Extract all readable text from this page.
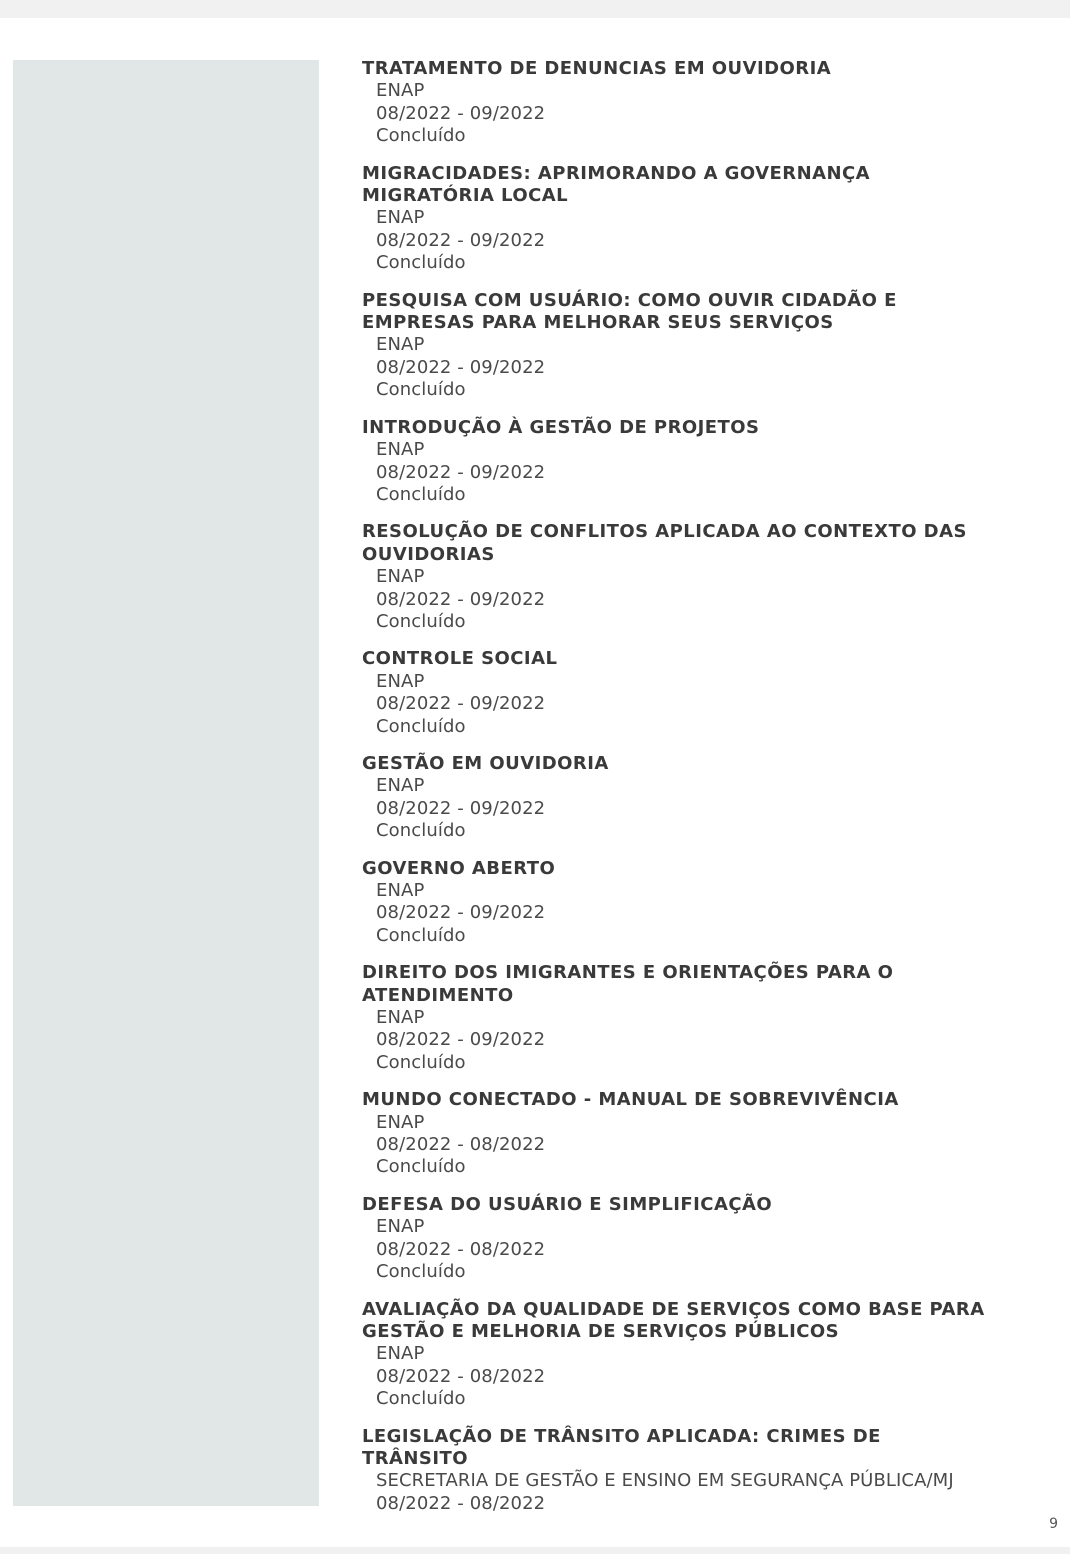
TRATAMENTO DE DENUNCIAS EM OUVIDORIA
ENAP
08/2022 - 09/2022
Concluído
MIGRACIDADES: APRIMORANDO A GOVERNANÇA
MIGRATÓRIA LOCAL
ENAP
08/2022 - 09/2022
Concluído
PESQUISA COM USUÁRIO: COMO OUVIR CIDADÃO E
EMPRESAS PARA MELHORAR SEUS SERVIÇOS
ENAP
08/2022 - 09/2022
Concluído
INTRODUÇÃO À GESTÃO DE PROJETOS
ENAP
08/2022 - 09/2022
Concluído
RESOLUÇÃO DE CONFLITOS APLICADA AO CONTEXTO DAS
OUVIDORIAS
ENAP
08/2022 - 09/2022
Concluído
CONTROLE SOCIAL
ENAP
08/2022 - 09/2022
Concluído
GESTÃO EM OUVIDORIA
ENAP
08/2022 - 09/2022
Concluído
GOVERNO ABERTO
ENAP
08/2022 - 09/2022
Concluído
DIREITO DOS IMIGRANTES E ORIENTAÇÕES PARA O
ATENDIMENTO
ENAP
08/2022 - 09/2022
Concluído
MUNDO CONECTADO - MANUAL DE SOBREVIVÊNCIA
ENAP
08/2022 - 08/2022
Concluído
DEFESA DO USUÁRIO E SIMPLIFICAÇÃO
ENAP
08/2022 - 08/2022
Concluído
AVALIAÇÃO DA QUALIDADE DE SERVIÇOS COMO BASE PARA
GESTÃO E MELHORIA DE SERVIÇOS PÚBLICOS
ENAP
08/2022 - 08/2022
Concluído
LEGISLAÇÃO DE TRÂNSITO APLICADA: CRIMES DE
TRÂNSITO
SECRETARIA DE GESTÃO E ENSINO EM SEGURANÇA PÚBLICA/MJ
08/2022 - 08/2022
9
